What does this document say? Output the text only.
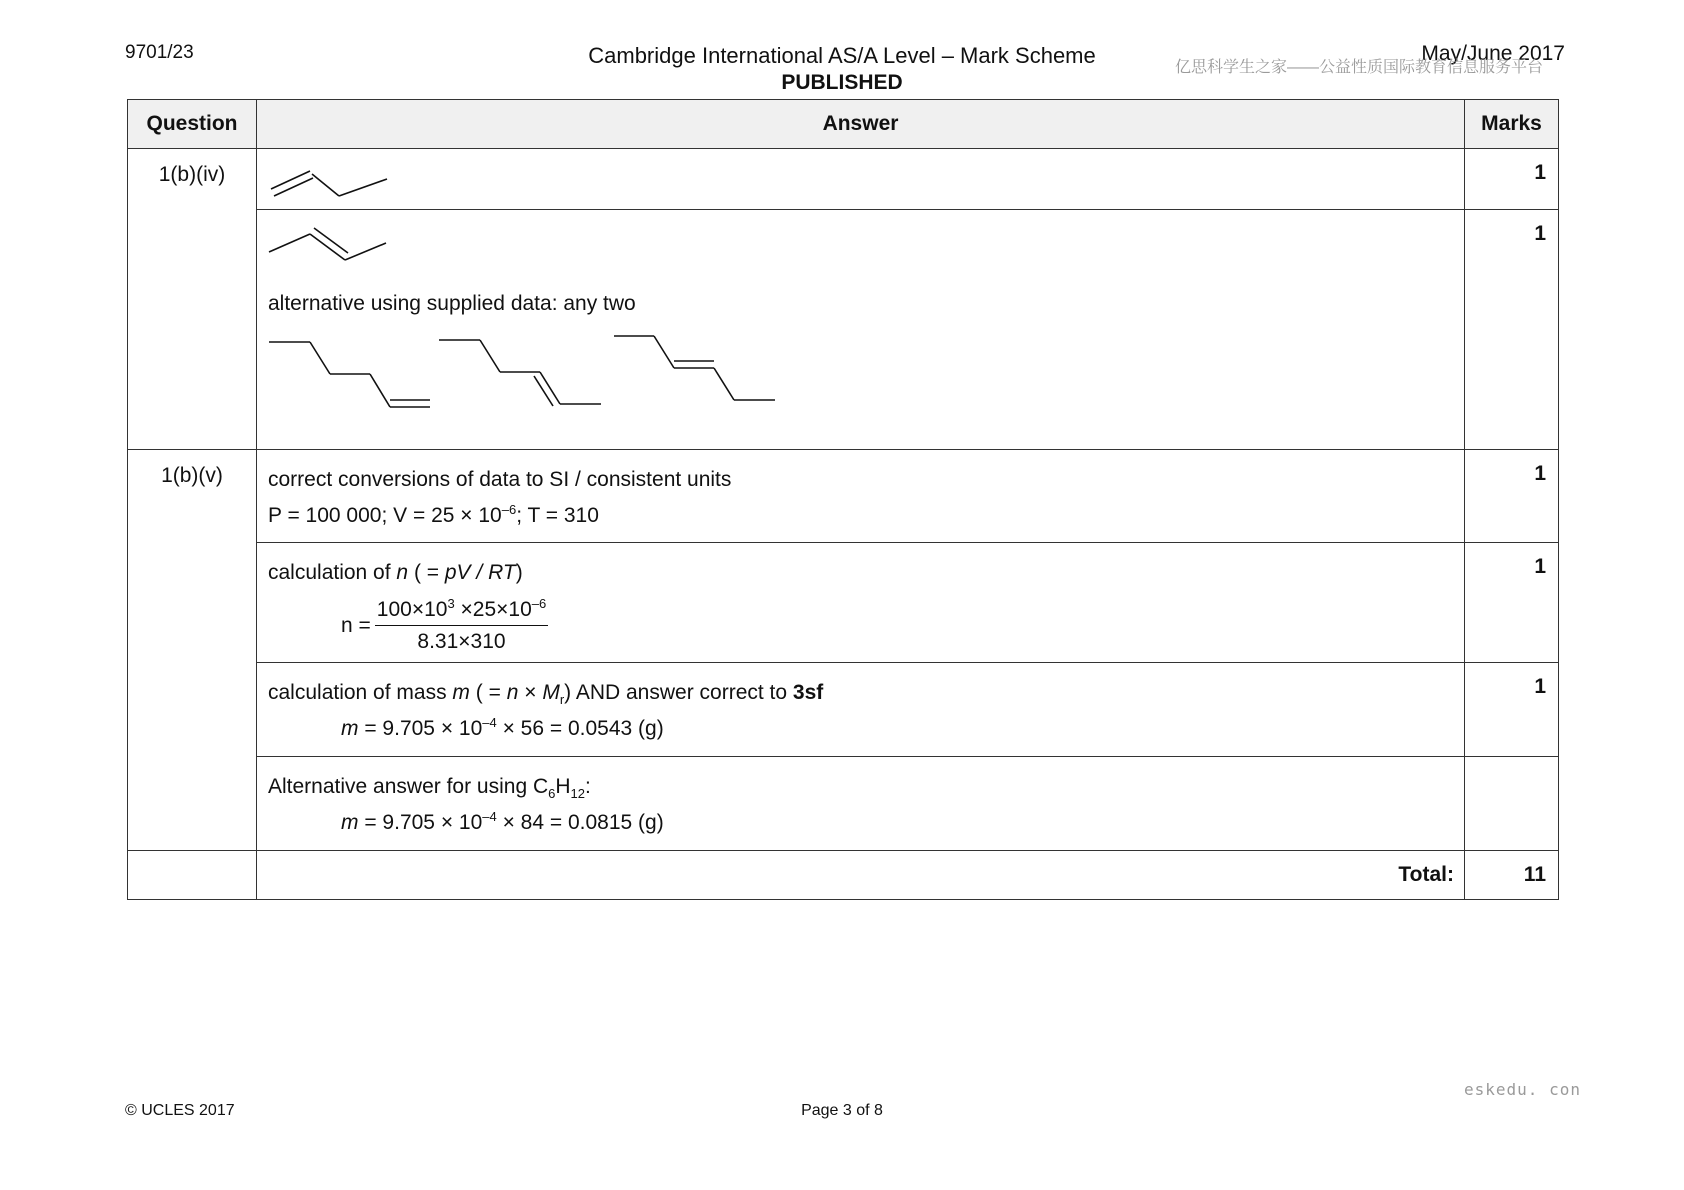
9701/23	Cambridge International AS/A Level – Mark Scheme
PUBLISHED
May/June 2017
亿思科学生之家——公益性质国际教育信息服务平台
Question	Answer	Marks
1(b)(iv)		1

	alternative using supplied data: any two	1
1(b)(v)	correct conversions of data to SI / consistent units
P = 100 000; $V = 25 \times 10^{-6}$; T = 310	1

	calculation of n ( = pV / RT)
$n = \frac{100\times 10^3 \times 25\times 10^{-6}}{8.31\times 310}$	1

	calculation of mass m ( = $n \times M_r$) AND answer correct to 3sf
$m = 9.705 \times 10^{-4} \times 56 = 0.0543$ (g)	1

	Alternative answer for using $C_6H_{12}$:
$m = 9.705 \times 10^{-4} \times 84 = 0.0815$ (g)	

	Total:	11
eskedu. con
© UCLES 2017	Page 3 of 8
